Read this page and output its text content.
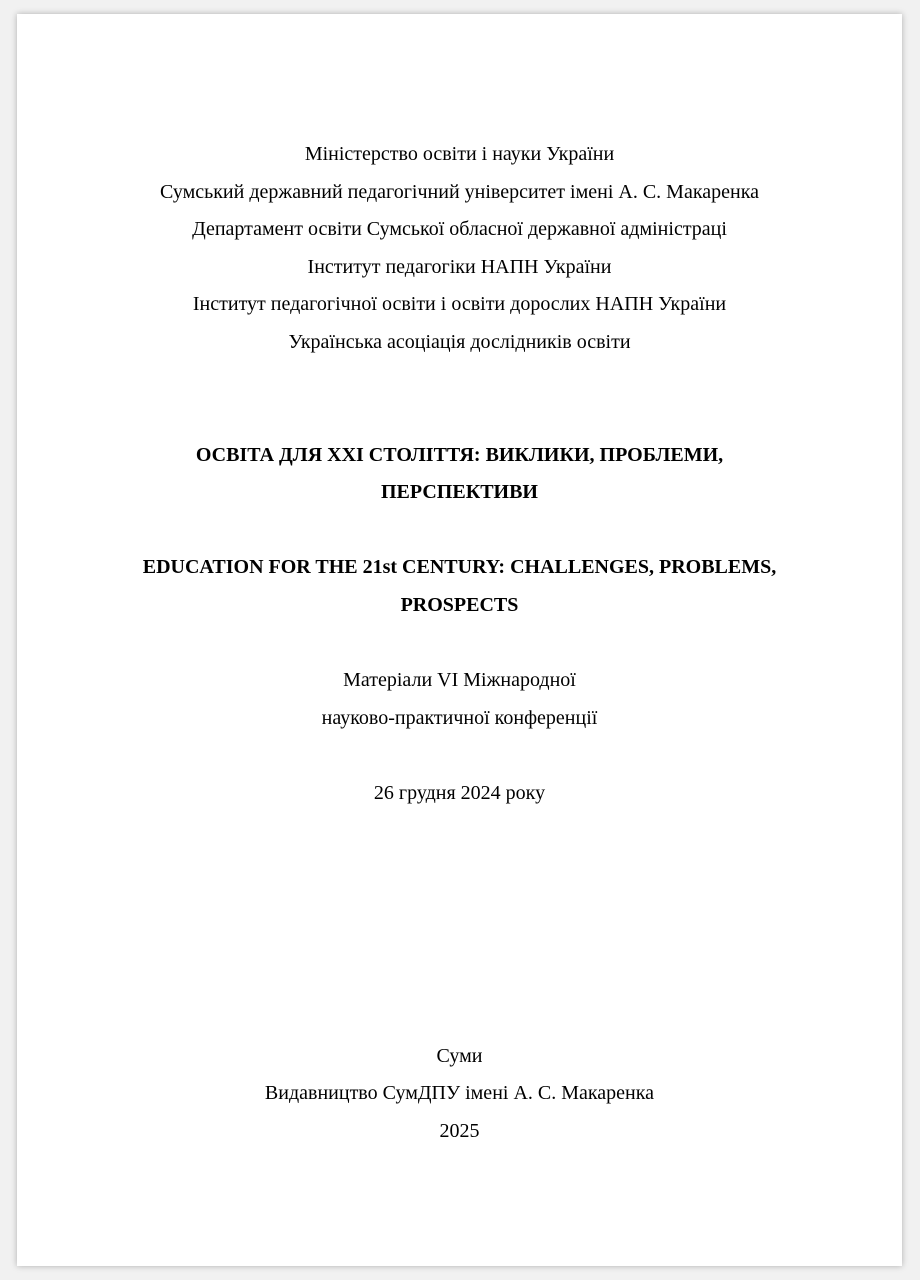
Міністерство освіти і науки України
Сумський державний педагогічний університет імені А. С. Макаренка
Департамент освіти Сумської обласної державної адміністраці
Інститут педагогіки НАПН України
Інститут педагогічної освіти і освіти дорослих НАПН України
Українська асоціація дослідників освіти
ОСВІТА ДЛЯ XXI СТОЛІТТЯ: ВИКЛИКИ, ПРОБЛЕМИ,
ПЕРСПЕКТИВИ
EDUCATION FOR THE 21st CENTURY: CHALLENGES, PROBLEMS,
PROSPECTS
Матеріали VI Міжнародної
науково-практичної конференції
26 грудня 2024 року
Суми
Видавництво СумДПУ імені А. С. Макаренка
2025
